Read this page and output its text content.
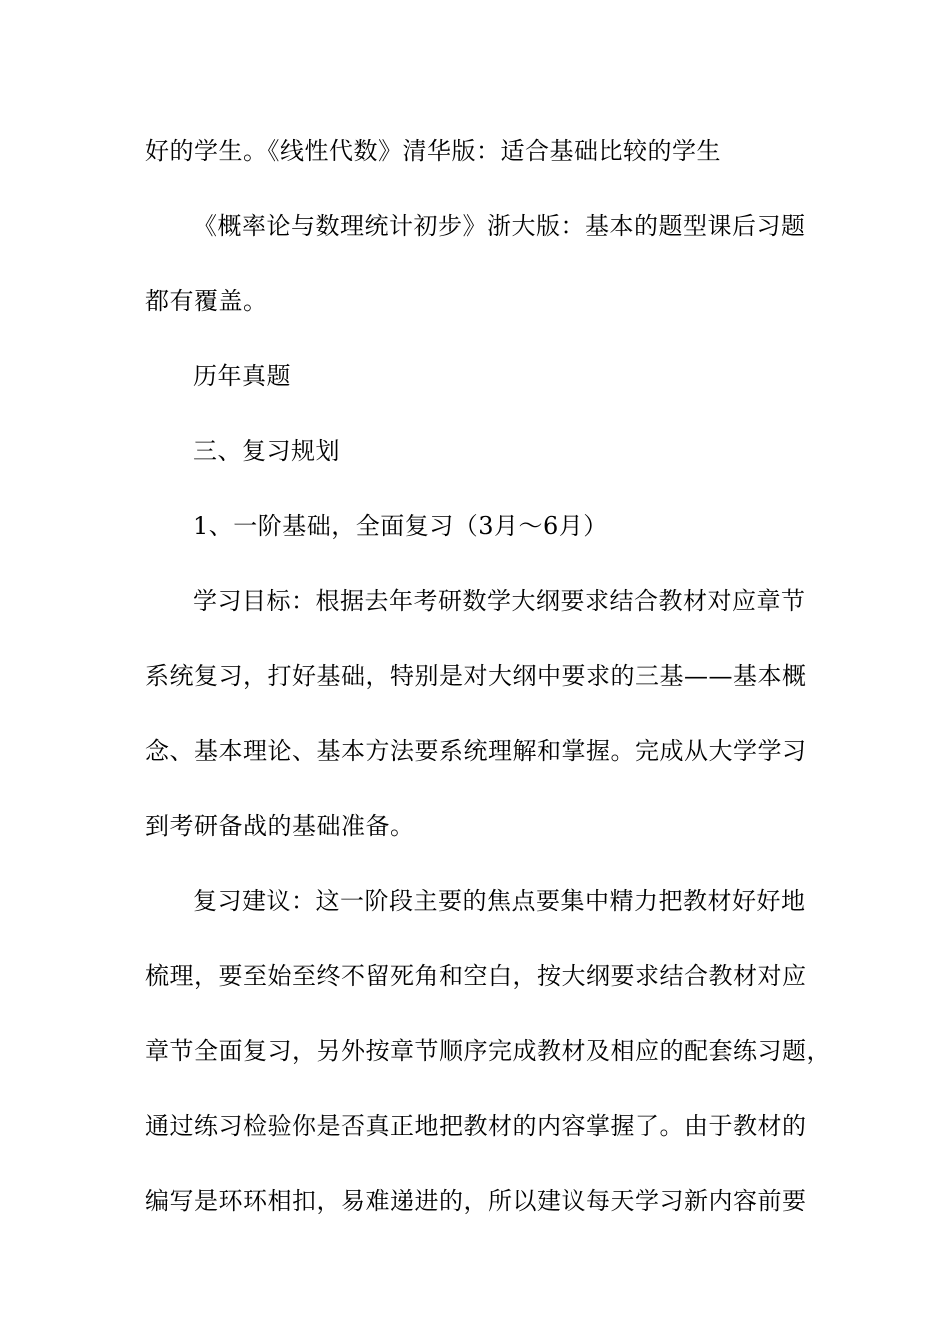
好的学生。《线性代数》清华版：适合基础比较的学生
《概率论与数理统计初步》浙大版：基本的题型课后习题
都有覆盖。
历年真题
三、复习规划
1、一阶基础，全面复习（3月～6月）
学习目标：根据去年考研数学大纲要求结合教材对应章节
系统复习，打好基础，特别是对大纲中要求的三基——基本概
念、基本理论、基本方法要系统理解和掌握。完成从大学学习
到考研备战的基础准备。
复习建议：这一阶段主要的焦点要集中精力把教材好好地
梳理，要至始至终不留死角和空白，按大纲要求结合教材对应
章节全面复习，另外按章节顺序完成教材及相应的配套练习题，
通过练习检验你是否真正地把教材的内容掌握了。由于教材的
编写是环环相扣，易难递进的，所以建议每天学习新内容前要
